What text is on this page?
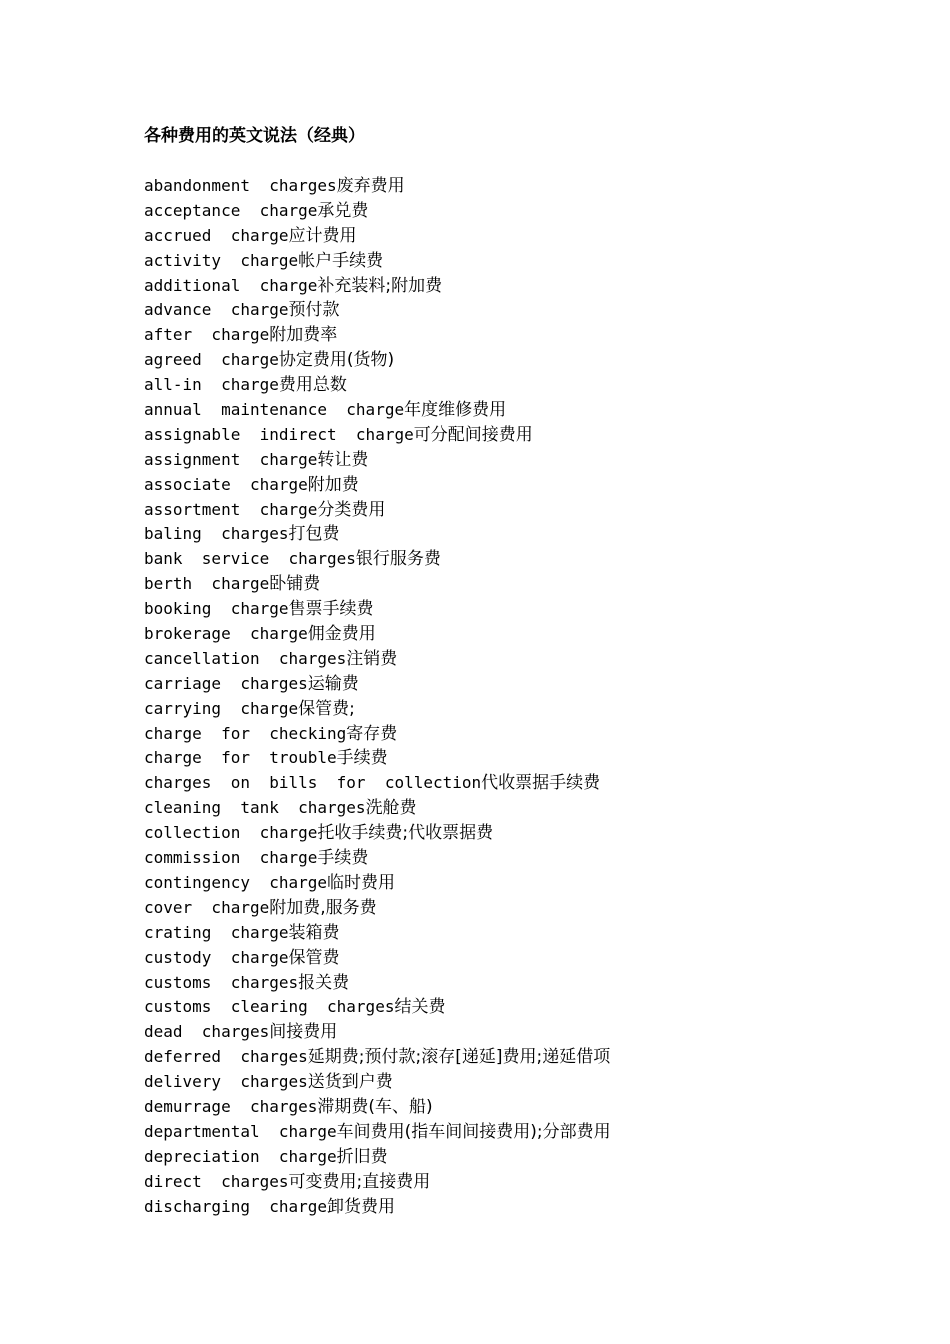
各种费用的英文说法（经典）
abandonment  charges废弃费用
acceptance  charge承兑费
accrued  charge应计费用
activity  charge帐户手续费
additional  charge补充装料;附加费
advance  charge预付款
after  charge附加费率
agreed  charge协定费用(货物)
all-in  charge费用总数
annual  maintenance  charge年度维修费用
assignable  indirect  charge可分配间接费用
assignment  charge转让费
associate  charge附加费
assortment  charge分类费用
baling  charges打包费
bank  service  charges银行服务费
berth  charge卧铺费
booking  charge售票手续费
brokerage  charge佣金费用
cancellation  charges注销费
carriage  charges运输费
carrying  charge保管费;
charge  for  checking寄存费
charge  for  trouble手续费
charges  on  bills  for  collection代收票据手续费
cleaning  tank  charges洗舱费
collection  charge托收手续费;代收票据费
commission  charge手续费
contingency  charge临时费用
cover  charge附加费,服务费
crating  charge装箱费
custody  charge保管费
customs  charges报关费
customs  clearing  charges结关费
dead  charges间接费用
deferred  charges延期费;预付款;滚存[递延]费用;递延借项
delivery  charges送货到户费
demurrage  charges滞期费(车、船)
departmental  charge车间费用(指车间间接费用);分部费用
depreciation  charge折旧费
direct  charges可变费用;直接费用
discharging  charge卸货费用
